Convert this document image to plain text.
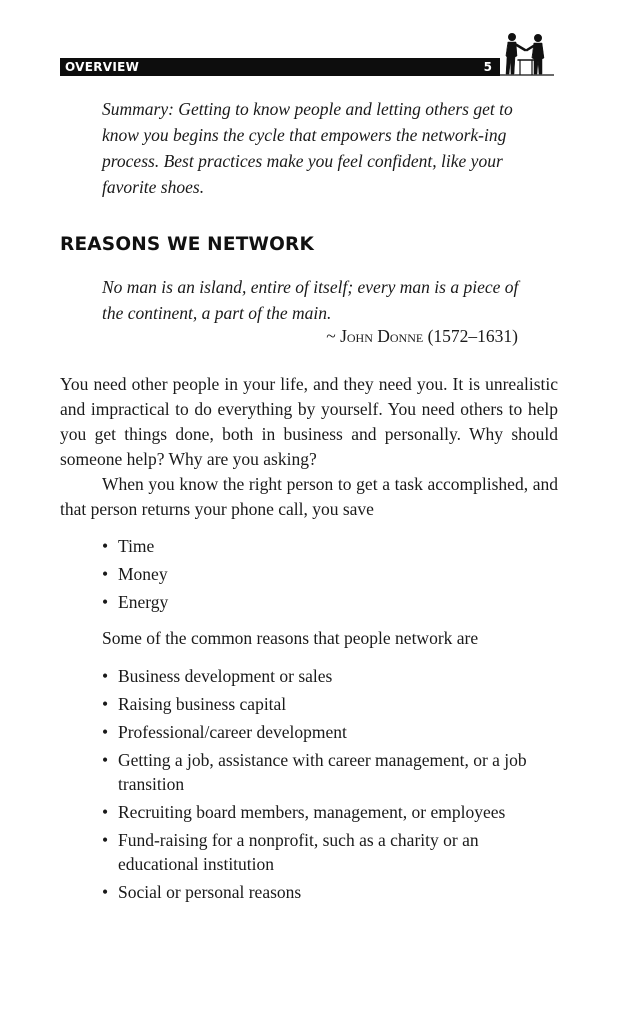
OVERVIEW	5

Summary: Getting to know people and letting others get to know you begins the cycle that empowers the network-ing process. Best practices make you feel confident, like your favorite shoes.

REASONS WE NETWORK

No man is an island, entire of itself; every man is a piece of the continent, a part of the main.

~ John Donne (1572–1631)

You need other people in your life, and they need you. It is unrealistic and impractical to do everything by yourself. You need others to help you get things done, both in business and personally. Why should someone help? Why are you asking?

When you know the right person to get a task accomplished, and that person returns your phone call, you save

• Time
• Money
• Energy

Some of the common reasons that people network are

• Business development or sales
• Raising business capital
• Professional/career development
• Getting a job, assistance with career management, or a job transition
• Recruiting board members, management, or employees
• Fund-raising for a nonprofit, such as a charity or an educational institution
• Social or personal reasons
